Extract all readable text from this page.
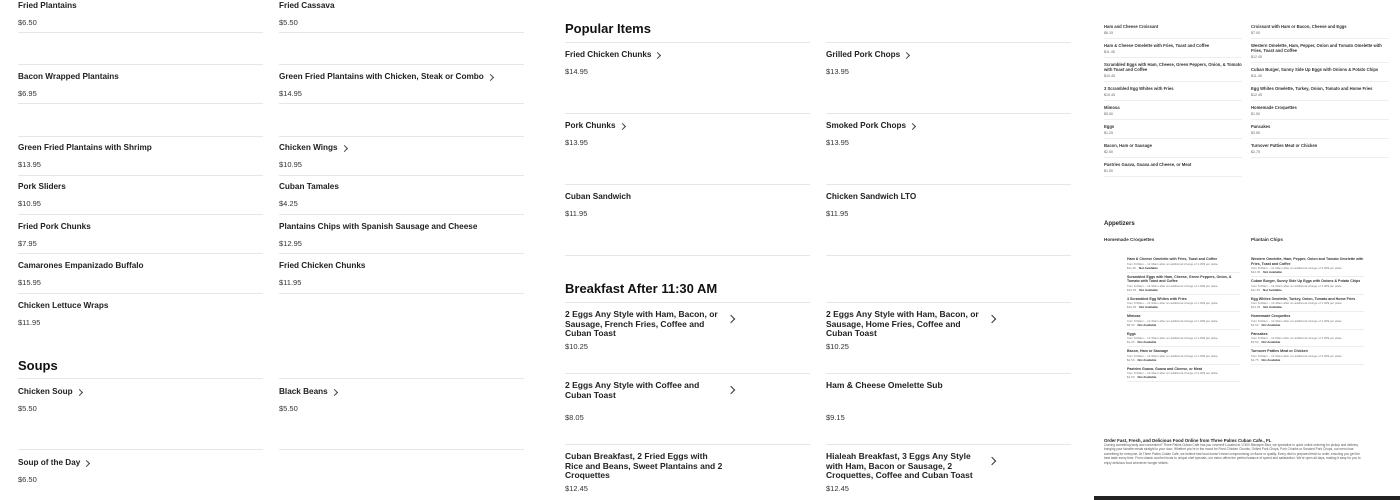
Fried Plantains
$6.50
Bacon Wrapped Plantains
$6.95
Green Fried Plantains with Shrimp
$13.95
Pork Sliders
$10.95
Fried Pork Chunks
$7.95
Camarones Empanizado Buffalo
$15.95
Chicken Lettuce Wraps
$11.95
Fried Cassava
$5.50
Green Fried Plantains with Chicken, Steak or Combo
$14.95
Chicken Wings
$10.95
Cuban Tamales
$4.25
Plantains Chips with Spanish Sausage and Cheese
$12.95
Fried Chicken Chunks
$11.95
Soups
Chicken Soup
$5.50
Black Beans
$5.50
Soup of the Day
$6.50
Popular Items
Fried Chicken Chunks
$14.95
Grilled Pork Chops
$13.95
Pork Chunks
$13.95
Smoked Pork Chops
$13.95
Cuban Sandwich
$11.95
Chicken Sandwich LTO
$11.95
Breakfast After 11:30 AM
2 Eggs Any Style with Ham, Bacon, or Sausage, French Fries, Coffee and Cuban Toast
$10.25
2 Eggs Any Style with Ham, Bacon, or Sausage, Home Fries, Coffee and Cuban Toast
$10.25
2 Eggs Any Style with Coffee and Cuban Toast
$8.05
Ham & Cheese Omelette Sub
$9.15
Cuban Breakfast, 2 Fried Eggs with Rice and Beans, Sweet Plantains and 2 Croquettes
$12.45
Hialeah Breakfast, 3 Eggs Any Style with Ham, Bacon or Sausage, 2 Croquettes, Coffee and Cuban Toast
$12.45
Ham and Cheese Croissant
$6.15
Ham & Cheese Omelette with Fries, Toast and Coffee
$11.45
Scrambled Eggs with Ham, Cheese, Green Peppers, Onion, & Tomato with Toast and Coffee
$10.45
3 Scrambled Egg Whites with Fries
$10.45
Mimosa
$5.50
Eggs
$1.25
Bacon, Ham or Sausage
$2.50
Pastries Guava, Guava and Cheese, or Meat
$1.50
Croissant with Ham or Bacon, Cheese and Eggs
$7.00
Western Omelette, Ham, Pepper, Onion and Tomato Omelette with Fries, Toast and Coffee
$12.45
Cuban Burger, Sunny Side Up Eggs with Onions & Potato Chips
$11.45
Egg Whites Omelette, Turkey, Onion, Tomato and Home Fries
$12.45
Homemade Croquettes
$1.50
Pancakes
$3.50
Turnover Patties Meat or Chicken
$2.75
Appetizers
Homemade Croquettes	Plantain Chips
Ham & Cheese Omelette with Fries, Toast and Coffee
from 6:00am – 11:30am after an additional charge of 1.00$ per plate.
$11.45 Not Available
Scrambled Eggs with Ham, Cheese, Green Peppers, Onion, & Tomato with Toast and Coffee
from 6:00am – 11:30am after an additional charge of 1.00$ per plate.
$10.45 Not Available
3 Scrambled Egg Whites with Fries
from 6:00am – 11:30am after an additional charge of 1.00$ per plate.
$10.45 Not Available
Mimosa
from 6:00am – 11:30am after an additional charge of 1.00$ per plate.
$5.50 Not Available
Eggs
from 6:00am – 11:30am after an additional charge of 1.00$ per plate.
$1.25 Not Available
Bacon, Ham or Sausage
from 6:00am – 11:30am after an additional charge of 1.00$ per plate.
$2.50 Not Available
Pastries Guava, Guava and Cheese, or Meat
from 6:00am – 11:30am after an additional charge of 1.00$ per plate.
$1.50 Not Available
Western Omelette, Ham, Pepper, Onion and Tomato Omelette with Fries, Toast and Coffee
from 6:00am – 11:30am after an additional charge of 1.00$ per plate.
$12.45 Not Available
Cuban Burger, Sunny Side Up Eggs with Onions & Potato Chips
from 6:00am – 11:30am after an additional charge of 1.00$ per plate.
$11.45 Not Available
Egg Whites Omelette, Turkey, Onion, Tomato and Home Fries
from 6:00am – 11:30am after an additional charge of 1.00$ per plate.
$12.45 Not Available
Homemade Croquettes
from 6:00am – 11:30am after an additional charge of 1.00$ per plate.
$1.50 Not Available
Pancakes
from 6:00am – 11:30am after an additional charge of 1.00$ per plate.
$3.50 Not Available
Turnover Patties Meat or Chicken
from 6:00am – 11:30am after an additional charge of 1.00$ per plate.
$2.75 Not Available
Order Fast, Fresh, and Delicious Food Online from Three Palms Cuban Cafe., FL
Craving something tasty and convenient? Three Palms Cuban Cafe has you covered! Located at 17400 Biscayne Blvd, we specialize in quick online ordering for pickup and delivery, bringing your favorite meals straight to your door. Whether you're in the mood for Fried Chicken Chunks, Grilled Pork Chops, Pork Chunks or Smoked Pork Chops, our menu has something for everyone. At Three Palms Cuban Cafe, we believe fast food doesn't mean compromising on flavor or quality. Every dish is prepared fresh to order, ensuring you get the best taste every time. From classic comfort foods to unique chef specials, our menu offers the perfect balance of speed and satisfaction. We're open all days, making it easy for you to enjoy delicious food whenever hunger strikes.
